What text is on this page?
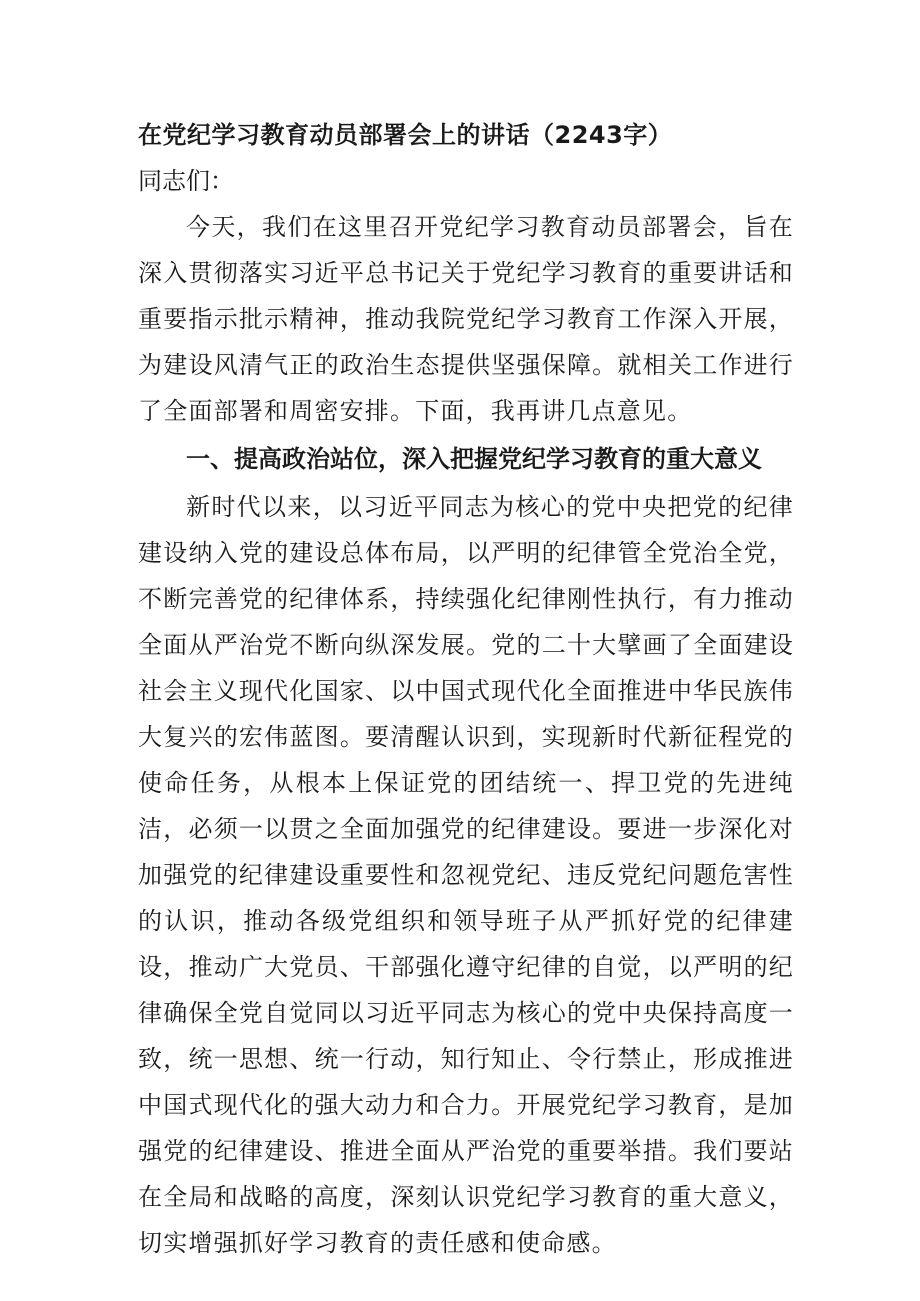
在党纪学习教育动员部署会上的讲话（2243字）

同志们：

今天，我们在这里召开党纪学习教育动员部署会，旨在深入贯彻落实习近平总书记关于党纪学习教育的重要讲话和重要指示批示精神，推动我院党纪学习教育工作深入开展，为建设风清气正的政治生态提供坚强保障。就相关工作进行了全面部署和周密安排。下面，我再讲几点意见。

一、提高政治站位，深入把握党纪学习教育的重大意义

新时代以来，以习近平同志为核心的党中央把党的纪律建设纳入党的建设总体布局，以严明的纪律管全党治全党，不断完善党的纪律体系，持续强化纪律刚性执行，有力推动全面从严治党不断向纵深发展。党的二十大擘画了全面建设社会主义现代化国家、以中国式现代化全面推进中华民族伟大复兴的宏伟蓝图。要清醒认识到，实现新时代新征程党的使命任务，从根本上保证党的团结统一、捍卫党的先进纯洁，必须一以贯之全面加强党的纪律建设。要进一步深化对加强党的纪律建设重要性和忽视党纪、违反党纪问题危害性的认识，推动各级党组织和领导班子从严抓好党的纪律建设，推动广大党员、干部强化遵守纪律的自觉，以严明的纪律确保全党自觉同以习近平同志为核心的党中央保持高度一致，统一思想、统一行动，知行知止、令行禁止，形成推进中国式现代化的强大动力和合力。开展党纪学习教育，是加强党的纪律建设、推进全面从严治党的重要举措。我们要站在全局和战略的高度，深刻认识党纪学习教育的重大意义，切实增强抓好学习教育的责任感和使命感。
